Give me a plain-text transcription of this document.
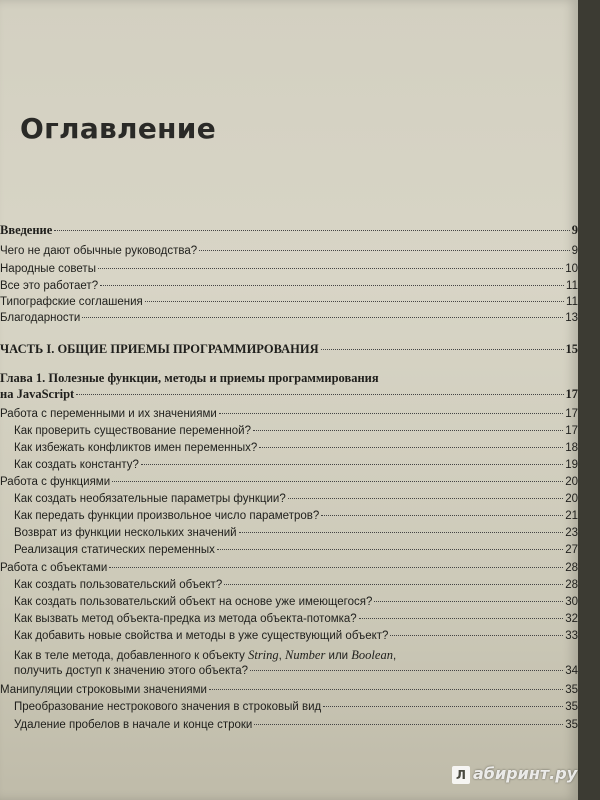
Оглавление
Введение	9
Чего не дают обычные руководства?	9
Народные советы	10
Все это работает?	11
Типографские соглашения	11
Благодарности	13
ЧАСТЬ I. ОБЩИЕ ПРИЕМЫ ПРОГРАММИРОВАНИЯ	15
Глава 1. Полезные функции, методы и приемы программирования
на JavaScript	17
Работа с переменными и их значениями	17
Как проверить существование переменной?	17
Как избежать конфликтов имен переменных?	18
Как создать константу?	19
Работа с функциями	20
Как создать необязательные параметры функции?	20
Как передать функции произвольное число параметров?	21
Возврат из функции нескольких значений	23
Реализация статических переменных	27
Работа с объектами	28
Как создать пользовательский объект?	28
Как создать пользовательский объект на основе уже имеющегося?	30
Как вызвать метод объекта-предка из метода объекта-потомка?	32
Как добавить новые свойства и методы в уже существующий объект?	33
Как в теле метода, добавленного к объекту String, Number или Boolean,
получить доступ к значению этого объекта?	34
Манипуляции строковыми значениями	35
Преобразование нестрокового значения в строковый вид	35
Удаление пробелов в начале и конце строки	35
Л абиринт.ру
